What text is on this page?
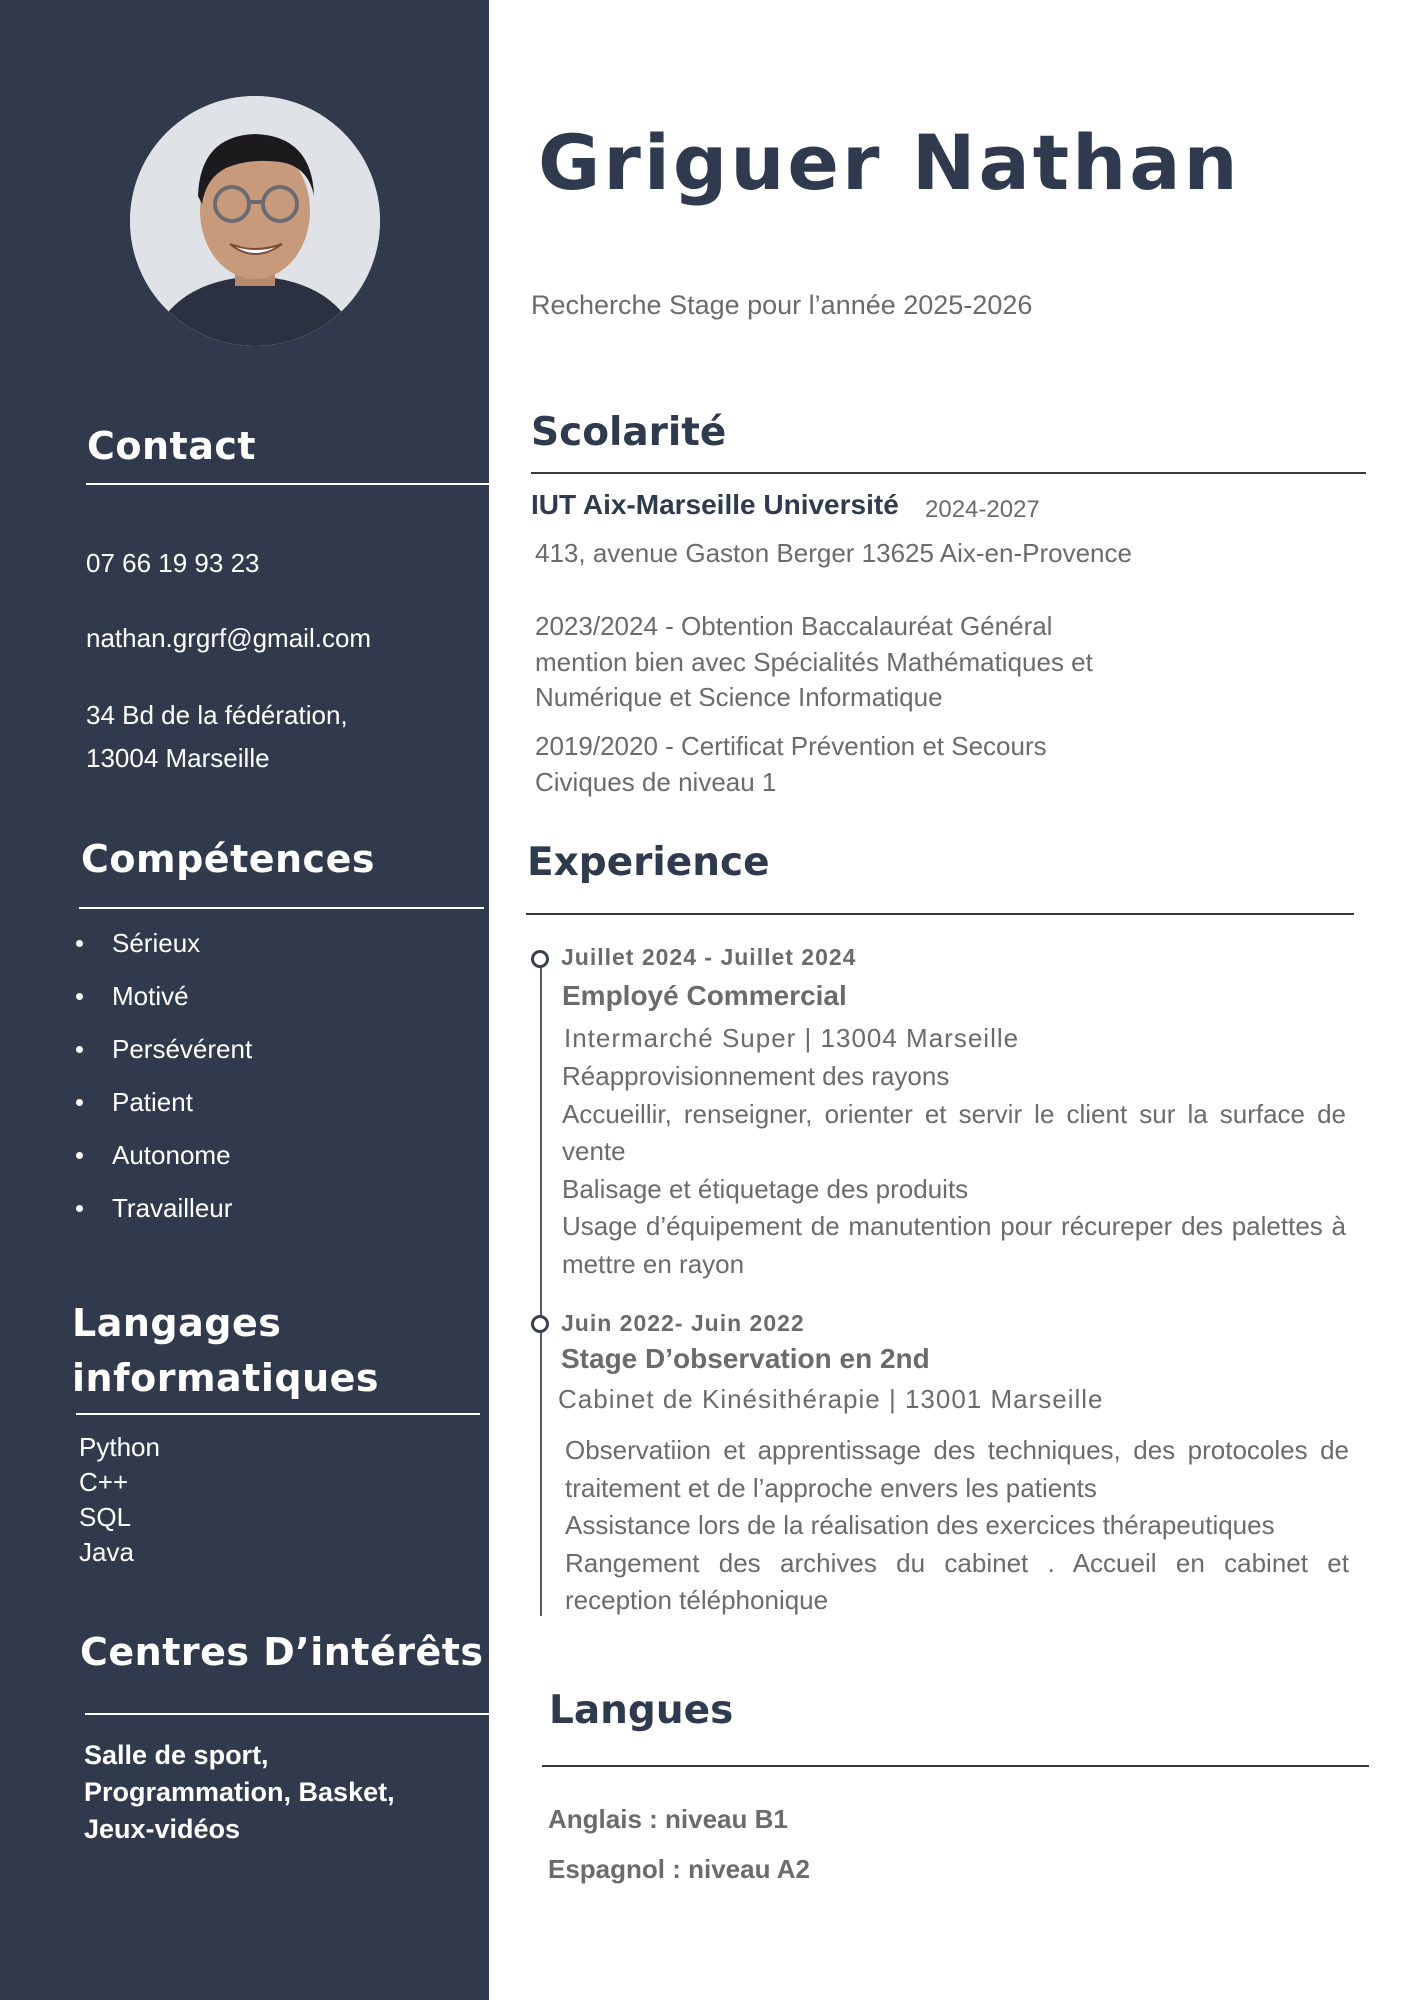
Contact
07 66 19 93 23
nathan.grgrf@gmail.com
34 Bd de la fédération,
13004 Marseille
Compétences
Sérieux
Motivé
Persévérent
Patient
Autonome
Travailleur
Langages
informatiques
Python
C++
SQL
Java
Centres D’intérêts
Salle de sport,
Programmation, Basket,
Jeux-vidéos
Griguer Nathan
Recherche Stage pour l’année 2025-2026
Scolarité
IUT Aix-Marseille Université 2024-2027
413, avenue Gaston Berger 13625 Aix-en-Provence
2023/2024 - Obtention Baccalauréat Général
mention bien avec Spécialités Mathématiques et
Numérique et Science Informatique
2019/2020 - Certificat Prévention et Secours
Civiques de niveau 1
Experience
Juillet 2024 - Juillet 2024
Employé Commercial
Intermarché Super | 13004 Marseille
Réapprovisionnement des rayons
Accueillir, renseigner, orienter et servir le client sur la surface de vente
Balisage et étiquetage des produits
Usage d’équipement de manutention pour récureper des palettes à mettre en rayon
Juin 2022- Juin 2022
Stage D’observation en 2nd
Cabinet de Kinésithérapie | 13001 Marseille
Observatiion et apprentissage des techniques, des protocoles de traitement et de l’approche envers les patients
Assistance lors de la réalisation des exercices thérapeutiques
Rangement des archives du cabinet . Accueil en cabinet et reception téléphonique
Langues
Anglais : niveau B1
Espagnol : niveau A2
